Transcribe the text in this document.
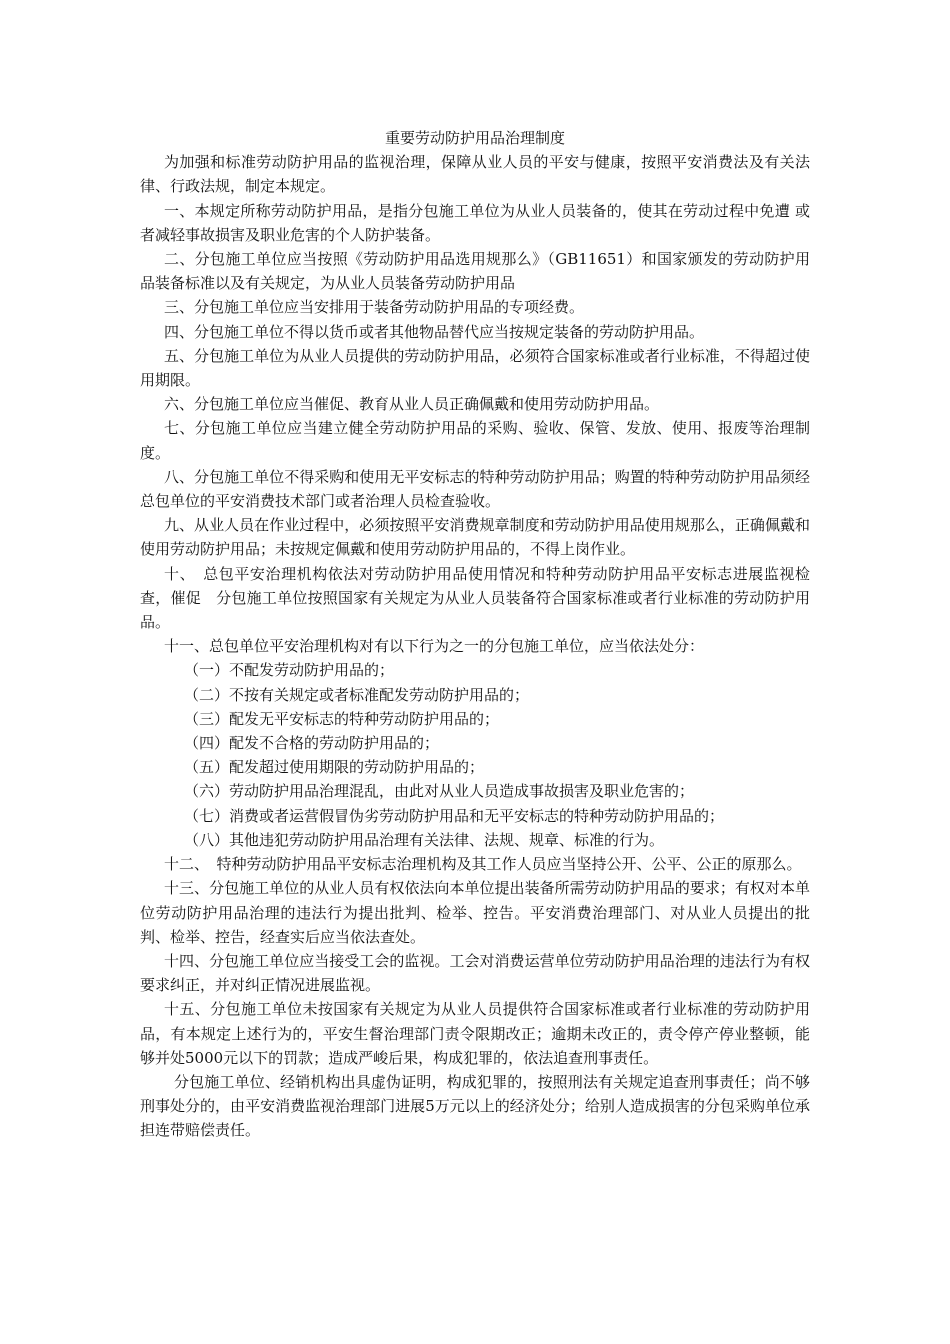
重要劳动防护用品治理制度

为加强和标准劳动防护用品的监视治理，保障从业人员的平安与健康，按照平安消费法及有关法律、行政法规，制定本规定。

一、本规定所称劳动防护用品，是指分包施工单位为从业人员装备的，使其在劳动过程中免遭 或者减轻事故损害及职业危害的个人防护装备。

二、分包施工单位应当按照《劳动防护用品选用规那么》（GB11651）和国家颁发的劳动防护用品装备标准以及有关规定，为从业人员装备劳动防护用品

三、分包施工单位应当安排用于装备劳动防护用品的专项经费。

四、分包施工单位不得以货币或者其他物品替代应当按规定装备的劳动防护用品。

五、分包施工单位为从业人员提供的劳动防护用品，必须符合国家标准或者行业标准，不得超过使用期限。

六、分包施工单位应当催促、教育从业人员正确佩戴和使用劳动防护用品。

七、分包施工单位应当建立健全劳动防护用品的采购、验收、保管、发放、使用、报废等治理制度。

八、分包施工单位不得采购和使用无平安标志的特种劳动防护用品；购置的特种劳动防护用品须经总包单位的平安消费技术部门或者治理人员检查验收。

九、从业人员在作业过程中，必须按照平安消费规章制度和劳动防护用品使用规那么，正确佩戴和使用劳动防护用品；未按规定佩戴和使用劳动防护用品的，不得上岗作业。

十、　总包平安治理机构依法对劳动防护用品使用情况和特种劳动防护用品平安标志进展监视检查，催促　分包施工单位按照国家有关规定为从业人员装备符合国家标准或者行业标准的劳动防护用品。

十一、总包单位平安治理机构对有以下行为之一的分包施工单位，应当依法处分：

（一）不配发劳动防护用品的；

（二）不按有关规定或者标准配发劳动防护用品的；

（三）配发无平安标志的特种劳动防护用品的；

（四）配发不合格的劳动防护用品的；

（五）配发超过使用期限的劳动防护用品的；

（六）劳动防护用品治理混乱，由此对从业人员造成事故损害及职业危害的；

（七）消费或者运营假冒伪劣劳动防护用品和无平安标志的特种劳动防护用品的；

（八）其他违犯劳动防护用品治理有关法律、法规、规章、标准的行为。

十二、　特种劳动防护用品平安标志治理机构及其工作人员应当坚持公开、公平、公正的原那么。

十三、分包施工单位的从业人员有权依法向本单位提出装备所需劳动防护用品的要求；有权对本单位劳动防护用品治理的违法行为提出批判、检举、控告。平安消费治理部门、对从业人员提出的批判、检举、控告，经查实后应当依法查处。

十四、分包施工单位应当接受工会的监视。工会对消费运营单位劳动防护用品治理的违法行为有权要求纠正，并对纠正情况进展监视。

十五、分包施工单位未按国家有关规定为从业人员提供符合国家标准或者行业标准的劳动防护用品，有本规定上述行为的，平安生督治理部门责令限期改正；逾期未改正的，责令停产停业整顿，能够并处5000元以下的罚款；造成严峻后果，构成犯罪的，依法追查刑事责任。

分包施工单位、经销机构出具虚伪证明，构成犯罪的，按照刑法有关规定追查刑事责任；尚不够刑事处分的，由平安消费监视治理部门进展5万元以上的经济处分；给别人造成损害的分包采购单位承担连带赔偿责任。
